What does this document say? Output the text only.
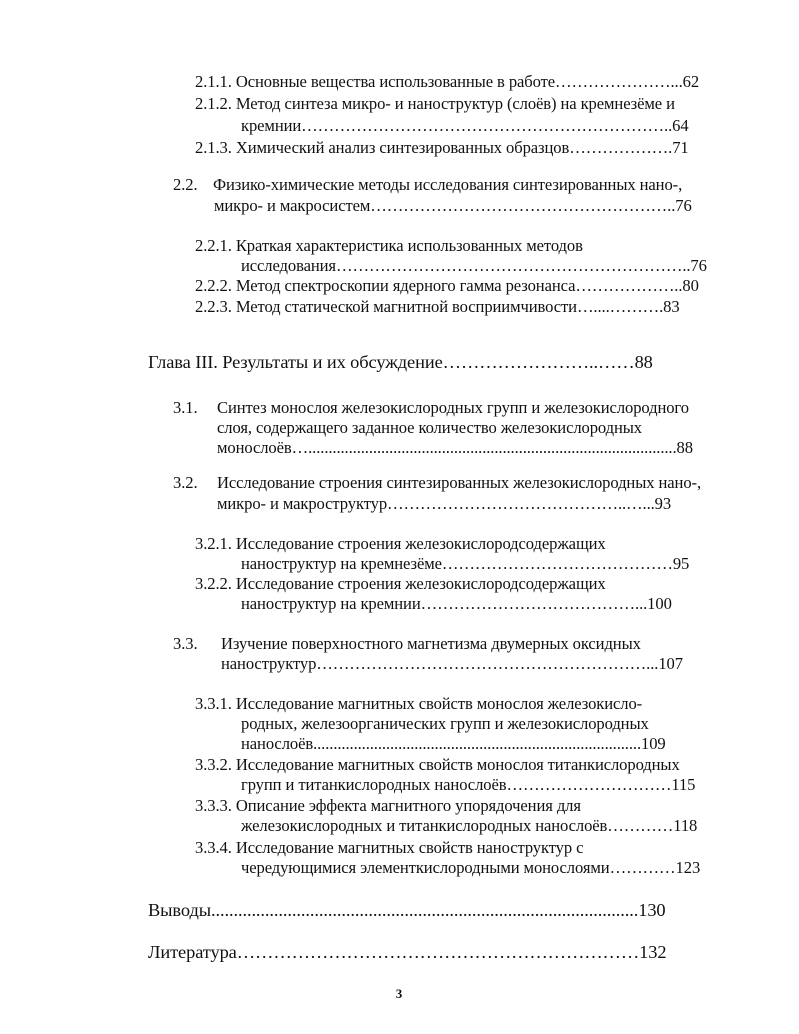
2.1.1. Основные вещества использованные в работе…………………...62
2.1.2. Метод синтеза микро- и наноструктур (слоёв) на кремнезёме и
кремнии…………………………………………………………..64
2.1.3. Химический анализ синтезированных образцов……………….71
2.2. Физико-химические методы исследования синтезированных нано-,
микро- и макросистем………………………………………………..76
2.2.1. Краткая характеристика использованных методов
исследования………………………………………………………..76
2.2.2. Метод спектроскопии ядерного гамма резонанса………………..80
2.2.3. Метод статической магнитной восприимчивости…....……….83
Глава III. Результаты и их обсуждение……………………..……88
3.1. Синтез монослоя железокислородных групп и железокислородного
слоя, содержащего заданное количество железокислородных
монослоёв…...........................................................................................88
3.2. Исследование строения синтезированных железокислородных нано-,
микро- и макроструктур……………………………………..…...93
3.2.1. Исследование строения железокислородсодержащих
наноструктур на кремнезёме……………………………………95
3.2.2. Исследование строения железокислородсодержащих
наноструктур на кремнии…………………………………...100
3.3. Изучение поверхностного магнетизма двумерных оксидных
наноструктур……………………………………………………...107
3.3.1. Исследование магнитных свойств монослоя железокисло-
родных, железоорганических групп и железокислородных
нанослоёв.................................................................................109
3.3.2. Исследование магнитных свойств монослоя титанкислородных
групп и титанкислородных нанослоёв…………………………115
3.3.3. Описание эффекта магнитного упорядочения для
железокислородных и титанкислородных нанослоёв…………118
3.3.4. Исследование магнитных свойств наноструктур с
чередующимися элементкислородными монослоями…………123
Выводы...............................................................................................130
Литература…………………………………………………………132
3
